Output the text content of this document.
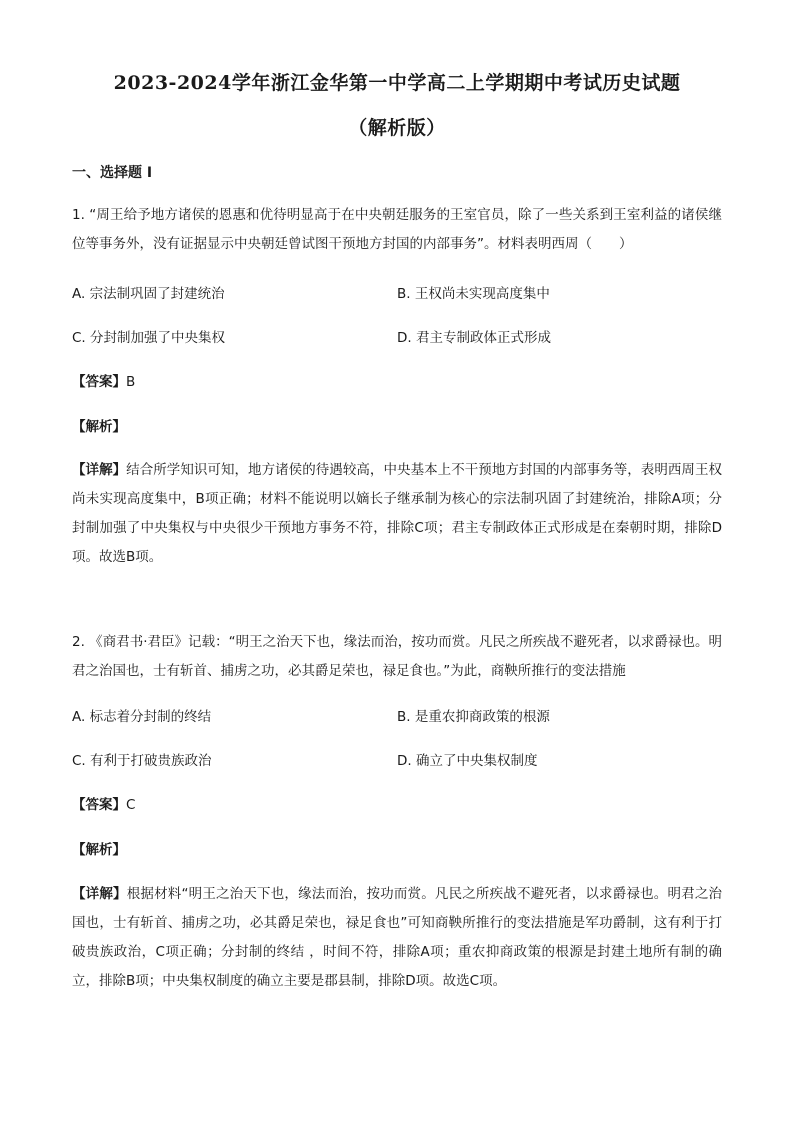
2023-2024学年浙江金华第一中学高二上学期期中考试历史试题
（解析版）
一、选择题 I
1. “周王给予地方诸侯的恩惠和优待明显高于在中央朝廷服务的王室官员，除了一些关系到王室利益的诸侯继位等事务外，没有证据显示中央朝廷曾试图干预地方封国的内部事务”。材料表明西周（　　）
A. 宗法制巩固了封建统治	B. 王权尚未实现高度集中
C. 分封制加强了中央集权	D. 君主专制政体正式形成
【答案】B
【解析】
【详解】结合所学知识可知，地方诸侯的待遇较高，中央基本上不干预地方封国的内部事务等，表明西周王权尚未实现高度集中，B项正确；材料不能说明以嫡长子继承制为核心的宗法制巩固了封建统治，排除A项；分封制加强了中央集权与中央很少干预地方事务不符，排除C项；君主专制政体正式形成是在秦朝时期，排除D项。故选B项。
2. 《商君书·君臣》记载：“明王之治天下也，缘法而治，按功而赏。凡民之所疾战不避死者，以求爵禄也。明君之治国也，士有斩首、捕虏之功，必其爵足荣也，禄足食也。”为此，商鞅所推行的变法措施
A. 标志着分封制的终结	B. 是重农抑商政策的根源
C. 有利于打破贵族政治	D. 确立了中央集权制度
【答案】C
【解析】
【详解】根据材料“明王之治天下也，缘法而治，按功而赏。凡民之所疾战不避死者，以求爵禄也。明君之治国也，士有斩首、捕虏之功，必其爵足荣也，禄足食也”可知商鞅所推行的变法措施是军功爵制，这有利于打破贵族政治，C项正确；分封制的终结 ，时间不符，排除A项；重农抑商政策的根源是封建土地所有制的确立，排除B项；中央集权制度的确立主要是郡县制，排除D项。故选C项。
